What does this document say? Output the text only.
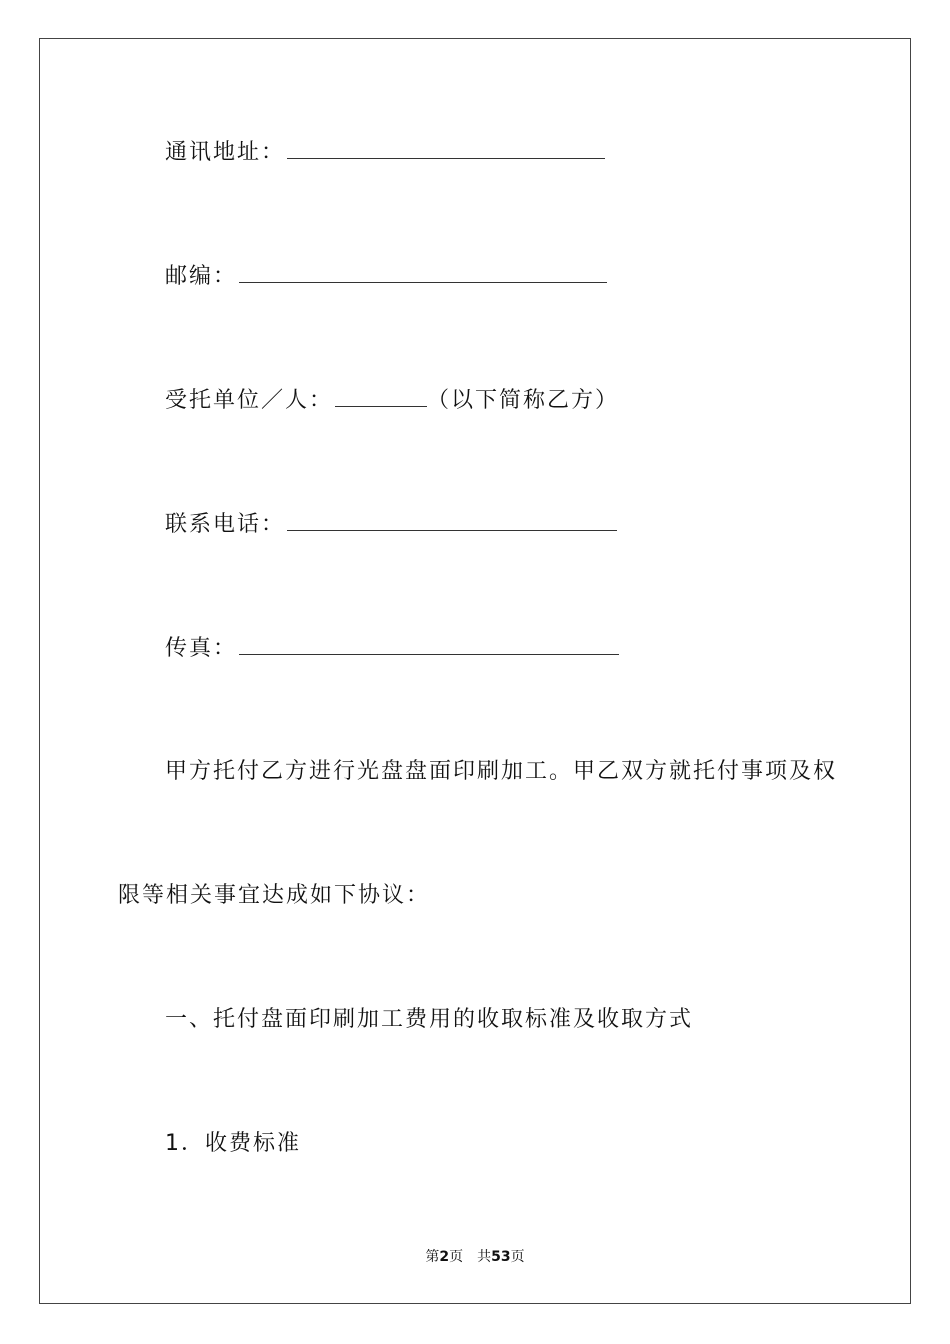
通讯地址：
邮编：
受托单位／人：	（以下简称乙方）
联系电话：
传真：
甲方托付乙方进行光盘盘面印刷加工。甲乙双方就托付事项及权
限等相关事宜达成如下协议：
一、托付盘面印刷加工费用的收取标准及收取方式
1．收费标准
第2页　共53页
